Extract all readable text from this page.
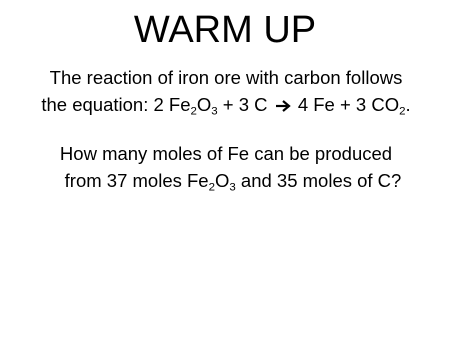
WARM UP

The reaction of iron ore with carbon follows
the equation: 2 $Fe_2O_3 + 3$ C  4 Fe + 3 $CO_2$.

How many moles of Fe can be produced
from 37 moles $Fe_2O_3$ and 35 moles of C?
